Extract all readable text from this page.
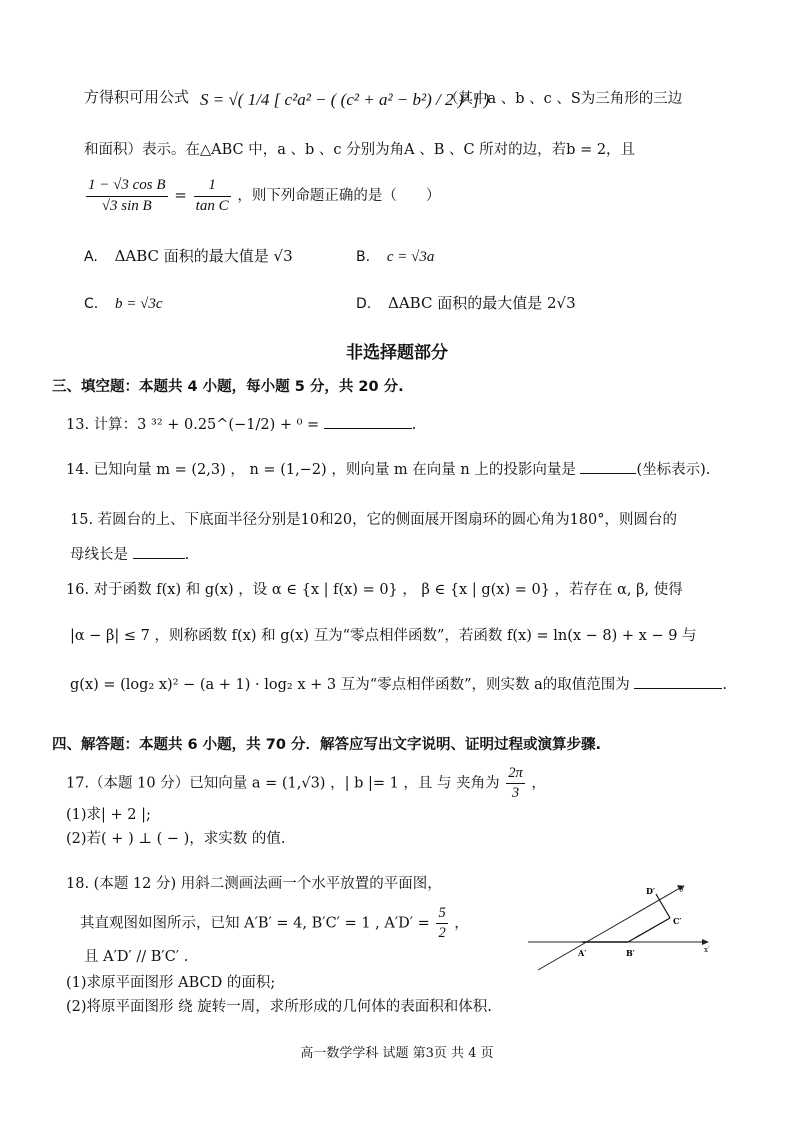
方得积可用公式 S = √( 1/4 [ c²a² − ( (c² + a² − b²) / 2 )² ] )
（其中a 、b 、c 、S为三角形的三边
和面积）表示。在△ABC 中，a 、b 、c 分别为角A 、B 、C 所对的边，若b = 2，且
$\frac{\text{1 − √3 cos B}}{\text{√3 sin B}} = \frac{1}{\text{tan C}}$ ，则下列命题正确的是（　　）
A. ΔABC 面积的最大值是 √3	B. c = √3a
C. b = √3c	D. ΔABC 面积的最大值是 2√3
非选择题部分
三、填空题：本题共 4 小题，每小题 5 分，共 20 分.
13. 计算：3 ³² + 0.25^(−1/2) + ⁰ =	.
14. 已知向量 m = (2,3) ， n = (1,−2) ，则向量 m 在向量 n 上的投影向量是	(坐标表示).
15. 若圆台的上、下底面半径分别是10和20，它的侧面展开图扇环的圆心角为180°，则圆台的
母线长是	.
16. 对于函数 f(x) 和 g(x) ，设 α ∈ {x | f(x) = 0} ， β ∈ {x | g(x) = 0} ，若存在 α, β, 使得
|α − β| ≤ 7 ，则称函数 f(x) 和 g(x) 互为“零点相伴函数”，若函数 f(x) = ln(x − 8) + x − 9 与
g(x) = (log₂ x)² − (a + 1) · log₂ x + 3 互为“零点相伴函数”，则实数 a的取值范围为	.
四、解答题：本题共 6 小题，共 70 分．解答应写出文字说明、证明过程或演算步骤.
17.（本题 10 分）已知向量 a = (1,√3) ，| b |= 1 ，且 与 夹角为 $\frac{2\pi}{3}$ ，
(1)求| + 2 |;
(2)若( + ) ⊥ ( − )，求实数 的值.
18. (本题 12 分) 用斜二测画法画一个水平放置的平面图，
其直观图如图所示，已知 A′B′ = 4, B′C′ = 1 , $A'D' = \frac{5}{2}$ ，
且 A′D′ // B′C′ .
(1)求原平面图形 ABCD 的面积;
(2)将原平面图形 绕 旋转一周，求所形成的几何体的表面积和体积.
D′	y
C′
A′	B′	x′
高一数学学科 试题 第3页 共 4 页
